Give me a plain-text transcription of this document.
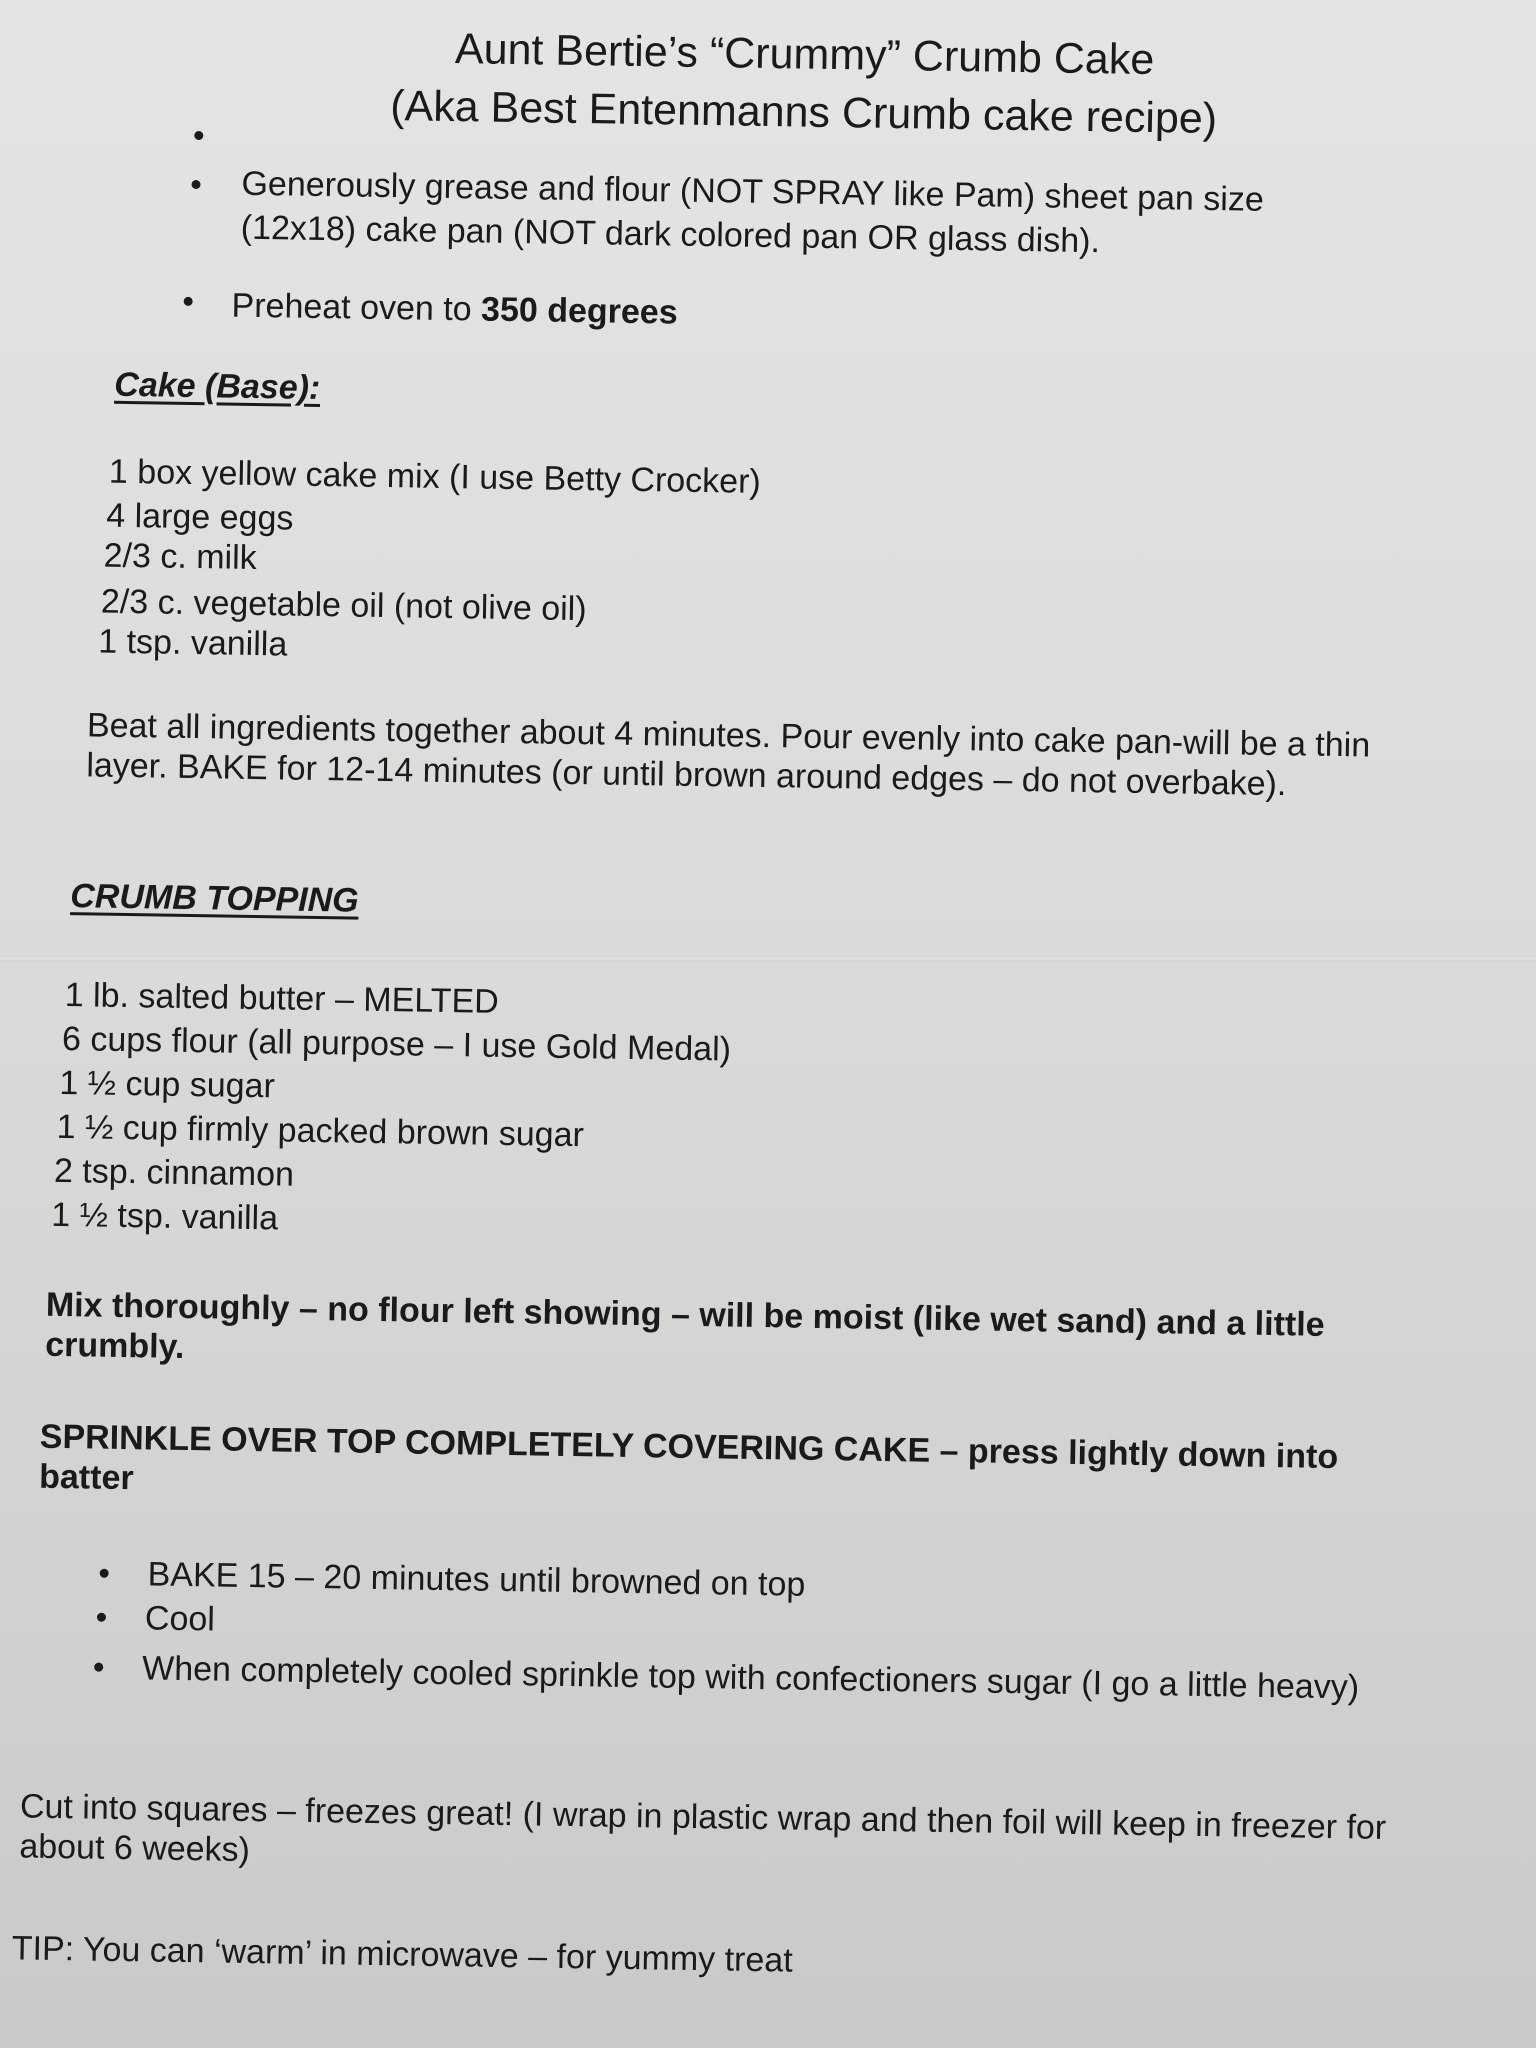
Aunt Bertie’s “Crummy” Crumb Cake
(Aka Best Entenmanns Crumb cake recipe)
Generously grease and flour (NOT SPRAY like Pam) sheet pan size (12x18) cake pan (NOT dark colored pan OR glass dish).
Preheat oven to 350 degrees
Cake (Base):
1 box yellow cake mix (I use Betty Crocker)
4 large eggs
2/3 c. milk
2/3 c. vegetable oil (not olive oil)
1 tsp. vanilla
Beat all ingredients together about 4 minutes. Pour evenly into cake pan-will be a thin layer. BAKE for 12-14 minutes (or until brown around edges – do not overbake).
CRUMB TOPPING
1 lb. salted butter – MELTED
6 cups flour (all purpose – I use Gold Medal)
1 ½ cup sugar
1 ½ cup firmly packed brown sugar
2 tsp. cinnamon
1 ½ tsp. vanilla
Mix thoroughly – no flour left showing – will be moist (like wet sand) and a little crumbly.
SPRINKLE OVER TOP COMPLETELY COVERING CAKE – press lightly down into batter
BAKE 15 – 20 minutes until browned on top
Cool
When completely cooled sprinkle top with confectioners sugar (I go a little heavy)
Cut into squares – freezes great! (I wrap in plastic wrap and then foil will keep in freezer for about 6 weeks)
TIP: You can ‘warm’ in microwave – for yummy treat
